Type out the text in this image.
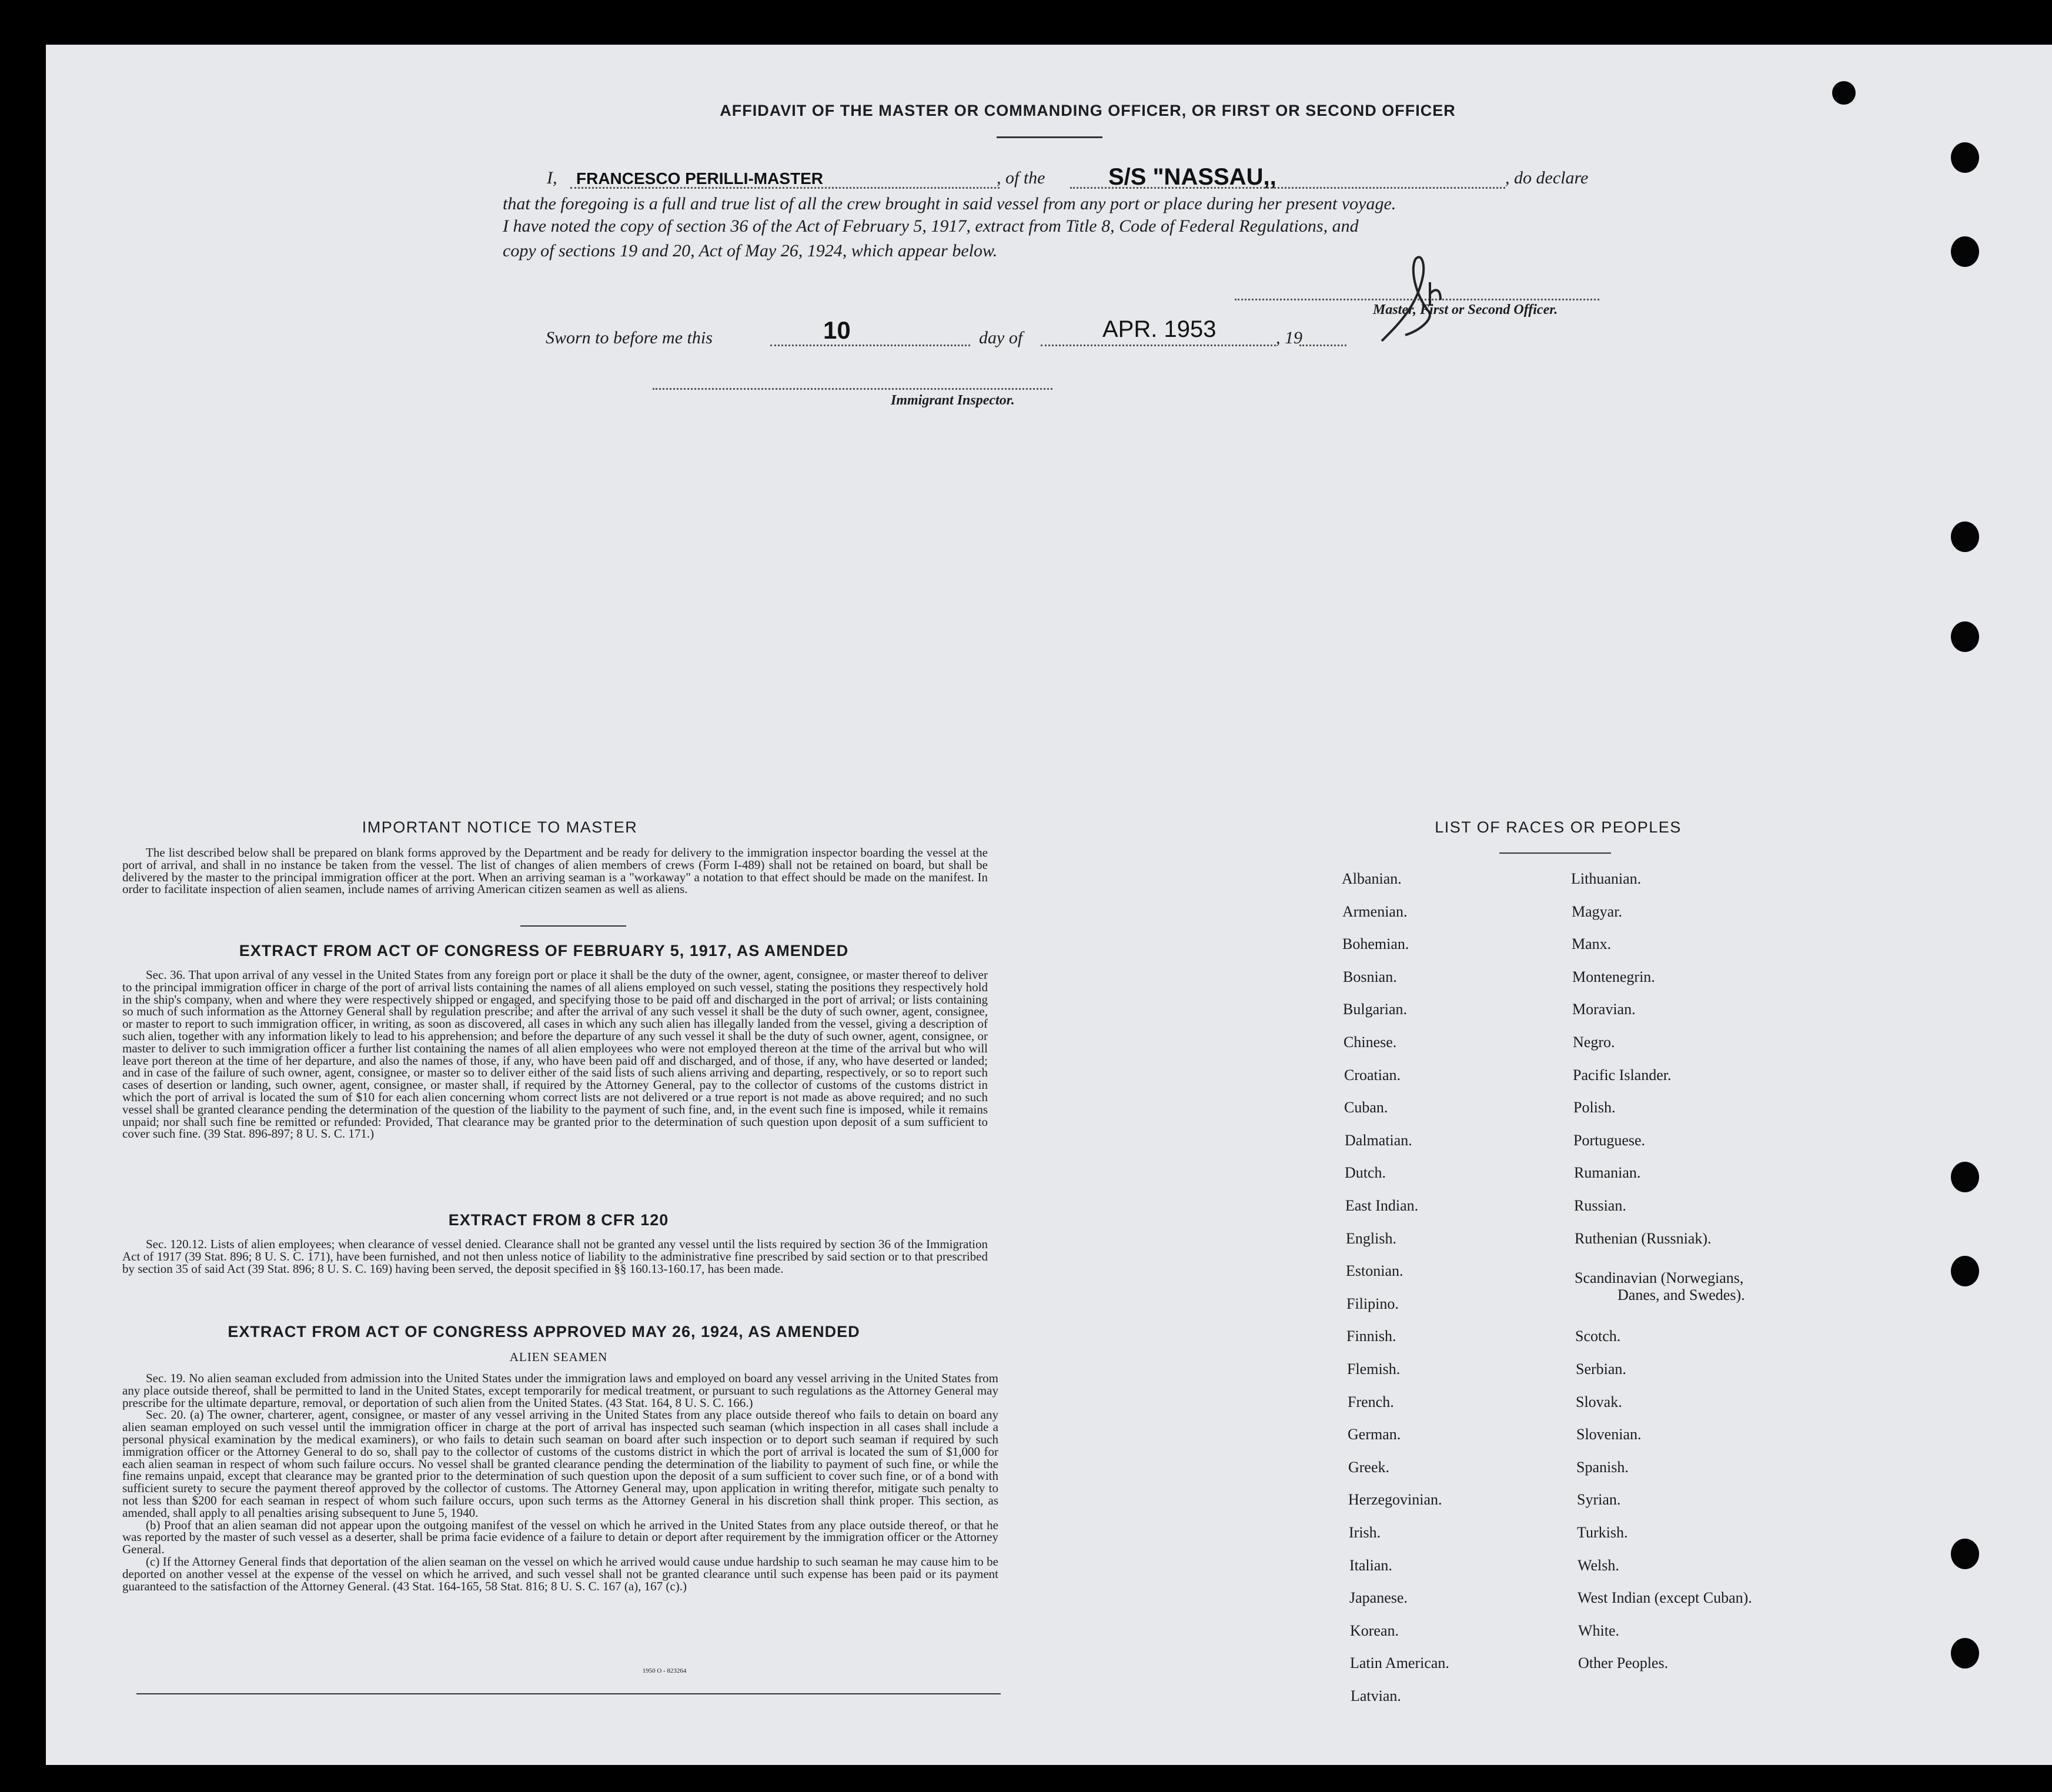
AFFIDAVIT OF THE MASTER OR COMMANDING OFFICER, OR FIRST OR SECOND OFFICER
I, FRANCESCO PERILLI-MASTER	, of the	S/S "NASSAU,,	, do declare
that the foregoing is a full and true list of all the crew brought in said vessel from any port or place during her present voyage.
I have noted the copy of section 36 of the Act of February 5, 1917, extract from Title 8, Code of Federal Regulations, and
copy of sections 19 and 20, Act of May 26, 1924, which appear below.
Master, First or Second Officer.
Sworn to before me this	10	day of	APR. 1953	, 19
Immigrant Inspector.
IMPORTANT NOTICE TO MASTER

The list described below shall be prepared on blank forms approved by the Department and be ready for delivery to the immigration inspector boarding the vessel at the port of arrival, and shall in no instance be taken from the vessel. The list of changes of alien members of crews (Form I-489) shall not be retained on board, but shall be delivered by the master to the principal immigration officer at the port. When an arriving seaman is a "workaway" a notation to that effect should be made on the manifest. In order to facilitate inspection of alien seamen, include names of arriving American citizen seamen as well as aliens.

EXTRACT FROM ACT OF CONGRESS OF FEBRUARY 5, 1917, AS AMENDED

Sec. 36. That upon arrival of any vessel in the United States from any foreign port or place it shall be the duty of the owner, agent, consignee, or master thereof to deliver to the principal immigration officer in charge of the port of arrival lists containing the names of all aliens employed on such vessel, stating the positions they respectively hold in the ship's company, when and where they were respectively shipped or engaged, and specifying those to be paid off and discharged in the port of arrival; or lists containing so much of such information as the Attorney General shall by regulation prescribe; and after the arrival of any such vessel it shall be the duty of such owner, agent, consignee, or master to report to such immigration officer, in writing, as soon as discovered, all cases in which any such alien has illegally landed from the vessel, giving a description of such alien, together with any information likely to lead to his apprehension; and before the departure of any such vessel it shall be the duty of such owner, agent, consignee, or master to deliver to such immigration officer a further list containing the names of all alien employees who were not employed thereon at the time of the arrival but who will leave port thereon at the time of her departure, and also the names of those, if any, who have been paid off and discharged, and of those, if any, who have deserted or landed; and in case of the failure of such owner, agent, consignee, or master so to deliver either of the said lists of such aliens arriving and departing, respectively, or so to report such cases of desertion or landing, such owner, agent, consignee, or master shall, if required by the Attorney General, pay to the collector of customs of the customs district in which the port of arrival is located the sum of $10 for each alien concerning whom correct lists are not delivered or a true report is not made as above required; and no such vessel shall be granted clearance pending the determination of the question of the liability to the payment of such fine, and, in the event such fine is imposed, while it remains unpaid; nor shall such fine be remitted or refunded: Provided, That clearance may be granted prior to the determination of such question upon deposit of a sum sufficient to cover such fine. (39 Stat. 896-897; 8 U. S. C. 171.)

EXTRACT FROM 8 CFR 120

Sec. 120.12. Lists of alien employees; when clearance of vessel denied. Clearance shall not be granted any vessel until the lists required by section 36 of the Immigration Act of 1917 (39 Stat. 896; 8 U. S. C. 171), have been furnished, and not then unless notice of liability to the administrative fine prescribed by said section or to that prescribed by section 35 of said Act (39 Stat. 896; 8 U. S. C. 169) having been served, the deposit specified in §§ 160.13-160.17, has been made.

EXTRACT FROM ACT OF CONGRESS APPROVED MAY 26, 1924, AS AMENDED
ALIEN SEAMEN

Sec. 19. No alien seaman excluded from admission into the United States under the immigration laws and employed on board any vessel arriving in the United States from any place outside thereof, shall be permitted to land in the United States, except temporarily for medical treatment, or pursuant to such regulations as the Attorney General may prescribe for the ultimate departure, removal, or deportation of such alien from the United States. (43 Stat. 164, 8 U. S. C. 166.)

Sec. 20. (a) The owner, charterer, agent, consignee, or master of any vessel arriving in the United States from any place outside thereof who fails to detain on board any alien seaman employed on such vessel until the immigration officer in charge at the port of arrival has inspected such seaman (which inspection in all cases shall include a personal physical examination by the medical examiners), or who fails to detain such seaman on board after such inspection or to deport such seaman if required by such immigration officer or the Attorney General to do so, shall pay to the collector of customs of the customs district in which the port of arrival is located the sum of $1,000 for each alien seaman in respect of whom such failure occurs. No vessel shall be granted clearance pending the determination of the liability to payment of such fine, or while the fine remains unpaid, except that clearance may be granted prior to the determination of such question upon the deposit of a sum sufficient to cover such fine, or of a bond with sufficient surety to secure the payment thereof approved by the collector of customs. The Attorney General may, upon application in writing therefor, mitigate such penalty to not less than $200 for each seaman in respect of whom such failure occurs, upon such terms as the Attorney General in his discretion shall think proper. This section, as amended, shall apply to all penalties arising subsequent to June 5, 1940.

(b) Proof that an alien seaman did not appear upon the outgoing manifest of the vessel on which he arrived in the United States from any place outside thereof, or that he was reported by the master of such vessel as a deserter, shall be prima facie evidence of a failure to detain or deport after requirement by the immigration officer or the Attorney General.

(c) If the Attorney General finds that deportation of the alien seaman on the vessel on which he arrived would cause undue hardship to such seaman he may cause him to be deported on another vessel at the expense of the vessel on which he arrived, and such vessel shall not be granted clearance until such expense has been paid or its payment guaranteed to the satisfaction of the Attorney General. (43 Stat. 164-165, 58 Stat. 816; 8 U. S. C. 167 (a), 167 (c).)

1950 O - 823264
LIST OF RACES OR PEOPLES
Albanian.
Armenian.
Bohemian.
Bosnian.
Bulgarian.
Chinese.
Croatian.
Cuban.
Dalmatian.
Dutch.
East Indian.
English.
Estonian.
Filipino.
Finnish.
Flemish.
French.
German.
Greek.
Herzegovinian.
Irish.
Italian.
Japanese.
Korean.
Latin American.
Latvian.
Lithuanian.
Magyar.
Manx.
Montenegrin.
Moravian.
Negro.
Pacific Islander.
Polish.
Portuguese.
Rumanian.
Russian.
Ruthenian (Russniak).
Scandinavian (Norwegians,
Danes, and Swedes).
Scotch.
Serbian.
Slovak.
Slovenian.
Spanish.
Syrian.
Turkish.
Welsh.
West Indian (except Cuban).
White.
Other Peoples.
